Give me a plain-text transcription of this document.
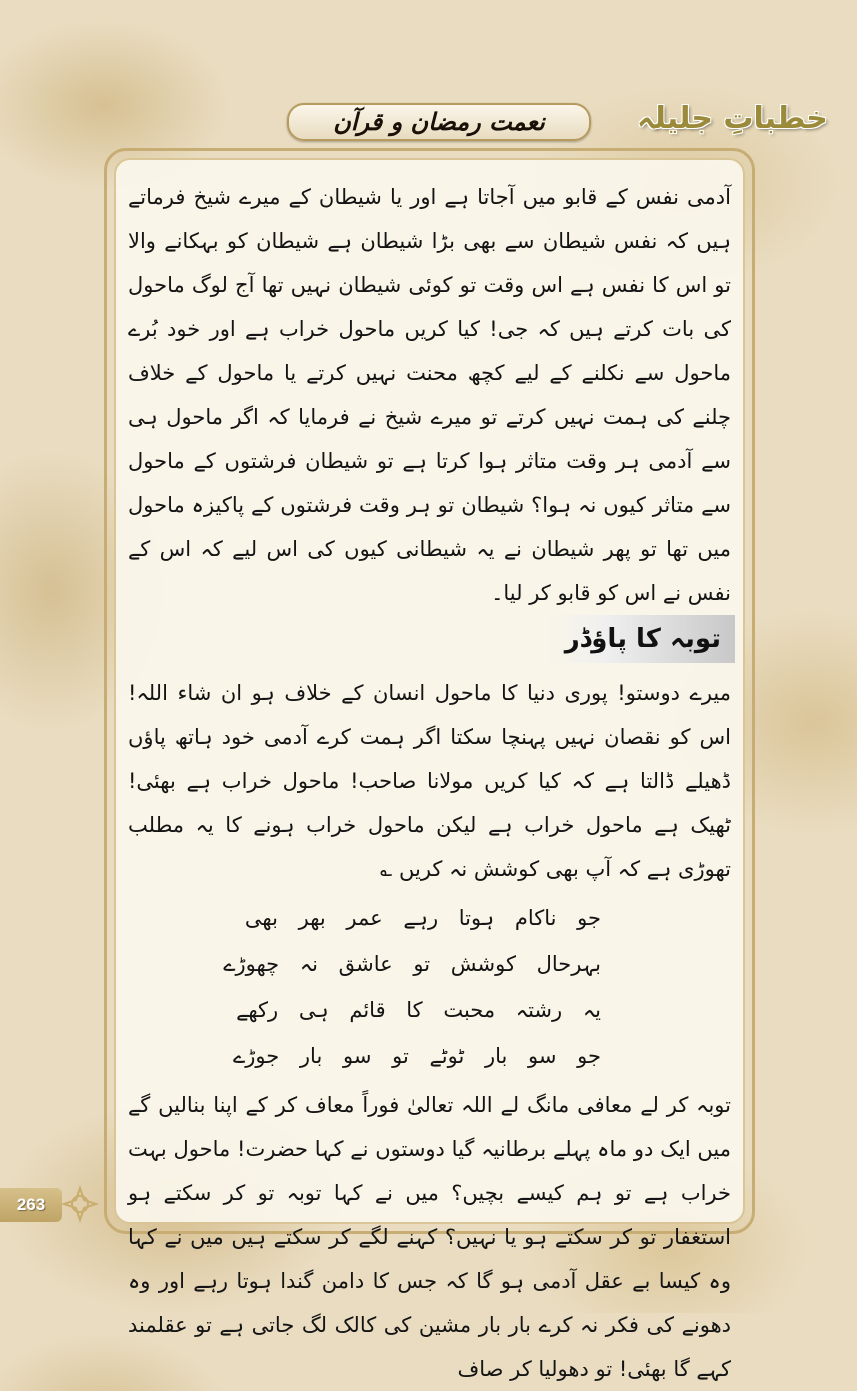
نعمت رمضان و قرآن	خطباتِ جلیلہ

آدمی نفس کے قابو میں آجاتا ہے اور یا شیطان کے میرے شیخ فرماتے ہیں کہ نفس شیطان سے بھی بڑا شیطان ہے شیطان کو بہکانے والا تو اس کا نفس ہے اس وقت تو کوئی شیطان نہیں تھا آج لوگ ماحول کی بات کرتے ہیں کہ جی! کیا کریں ماحول خراب ہے اور خود بُرے ماحول سے نکلنے کے لیے کچھ محنت نہیں کرتے یا ماحول کے خلاف چلنے کی ہمت نہیں کرتے تو میرے شیخ نے فرمایا کہ اگر ماحول ہی سے آدمی ہر وقت متاثر ہوا کرتا ہے تو شیطان فرشتوں کے ماحول سے متاثر کیوں نہ ہوا؟ شیطان تو ہر وقت فرشتوں کے پاکیزہ ماحول میں تھا تو پھر شیطان نے یہ شیطانی کیوں کی اس لیے کہ اس کے نفس نے اس کو قابو کر لیا۔

توبہ کا پاؤڈر

میرے دوستو! پوری دنیا کا ماحول انسان کے خلاف ہو ان شاء اللہ! اس کو نقصان نہیں پہنچا سکتا اگر ہمت کرے آدمی خود ہاتھ پاؤں ڈھیلے ڈالتا ہے کہ کیا کریں مولانا صاحب! ماحول خراب ہے بھئی! ٹھیک ہے ماحول خراب ہے لیکن ماحول خراب ہونے کا یہ مطلب تھوڑی ہے کہ آپ بھی کوشش نہ کریں ؎

جو ناکام ہوتا رہے عمر بھر بھی
بہرحال کوشش تو عاشق نہ چھوڑے
یہ رشتہ محبت کا قائم ہی رکھے
جو سو بار ٹوٹے تو سو بار جوڑے

توبہ کر لے معافی مانگ لے اللہ تعالیٰ فوراً معاف کر کے اپنا بنالیں گے میں ایک دو ماہ پہلے برطانیہ گیا دوستوں نے کہا حضرت! ماحول بہت خراب ہے تو ہم کیسے بچیں؟ میں نے کہا توبہ تو کر سکتے ہو استغفار تو کر سکتے ہو یا نہیں؟ کہنے لگے کر سکتے ہیں میں نے کہا وہ کیسا بے عقل آدمی ہو گا کہ جس کا دامن گندا ہوتا رہے اور وہ دھونے کی فکر نہ کرے بار بار مشین کی کالک لگ جاتی ہے تو عقلمند کہے گا بھئی! تو دھولیا کر صاف

263
